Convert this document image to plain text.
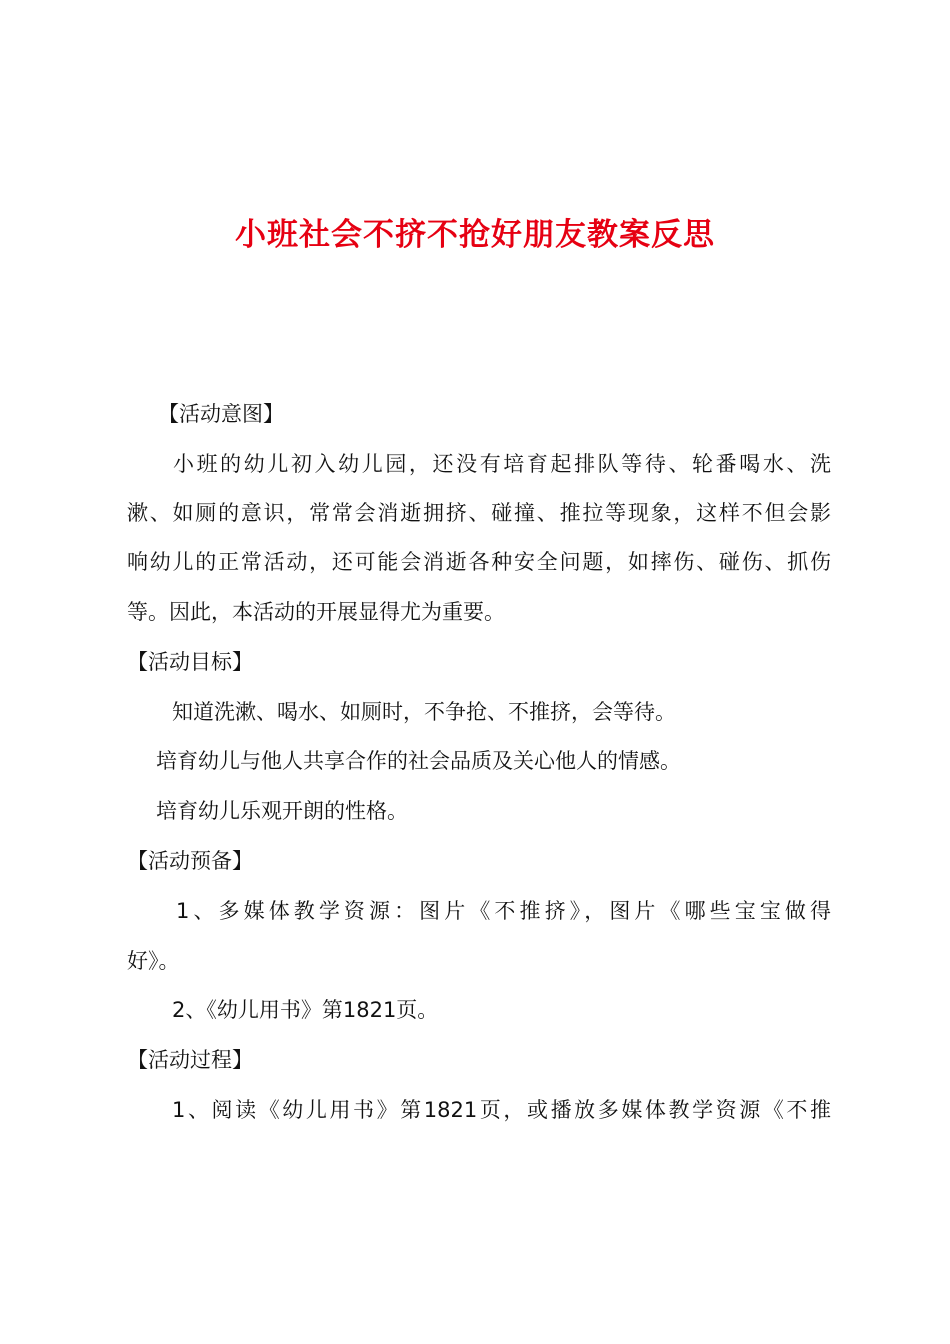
小班社会不挤不抢好朋友教案反思
【活动意图】
小班的幼儿初入幼儿园，还没有培育起排队等待、轮番喝水、洗
漱、如厕的意识，常常会消逝拥挤、碰撞、推拉等现象，这样不但会影
响幼儿的正常活动，还可能会消逝各种安全问题，如摔伤、碰伤、抓伤
等。因此，本活动的开展显得尤为重要。
【活动目标】
知道洗漱、喝水、如厕时，不争抢、不推挤，会等待。
培育幼儿与他人共享合作的社会品质及关心他人的情感。
培育幼儿乐观开朗的性格。
【活动预备】
1、多媒体教学资源：图片《不推挤》，图片《哪些宝宝做得
好》。
2、《幼儿用书》第1821页。
【活动过程】
1、阅读《幼儿用书》第1821页，或播放多媒体教学资源《不推
